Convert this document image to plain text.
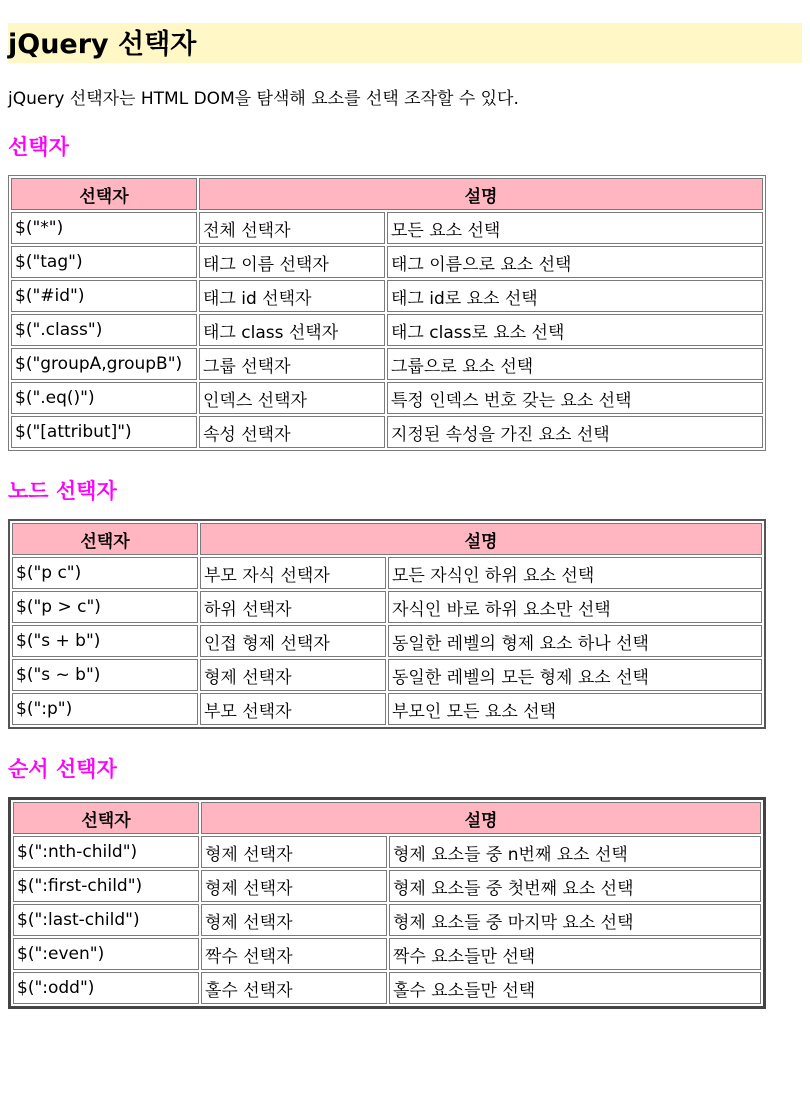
jQuery 선택자

jQuery 선택자는 HTML DOM을 탐색해 요소를 선택 조작할 수 있다.

선택자
선택자	설명	
$("*")	전체 선택자	모든 요소 선택
$("tag")	태그 이름 선택자	태그 이름으로 요소 선택
$("#id")	태그 id 선택자	태그 id로 요소 선택
$(".class")	태그 class 선택자	태그 class로 요소 선택
$("groupA,groupB")	그룹 선택자	그룹으로 요소 선택
$(".eq()")	인덱스 선택자	특정 인덱스 번호 갖는 요소 선택
$("[attribut]")	속성 선택자	지정된 속성을 가진 요소 선택
노드 선택자
선택자	설명	
$("p c")	부모 자식 선택자	모든 자식인 하위 요소 선택
$("p > c")	하위 선택자	자식인 바로 하위 요소만 선택
$("s + b")	인접 형제 선택자	동일한 레벨의 형제 요소 하나 선택
$("s ~ b")	형제 선택자	동일한 레벨의 모든 형제 요소 선택
$(":p")	부모 선택자	부모인 모든 요소 선택
순서 선택자
선택자	설명	
$(":nth-child")	형제 선택자	형제 요소들 중 n번째 요소 선택
$(":first-child")	형제 선택자	형제 요소들 중 첫번째 요소 선택
$(":last-child")	형제 선택자	형제 요소들 중 마지막 요소 선택
$(":even")	짝수 선택자	짝수 요소들만 선택
$(":odd")	홀수 선택자	홀수 요소들만 선택
